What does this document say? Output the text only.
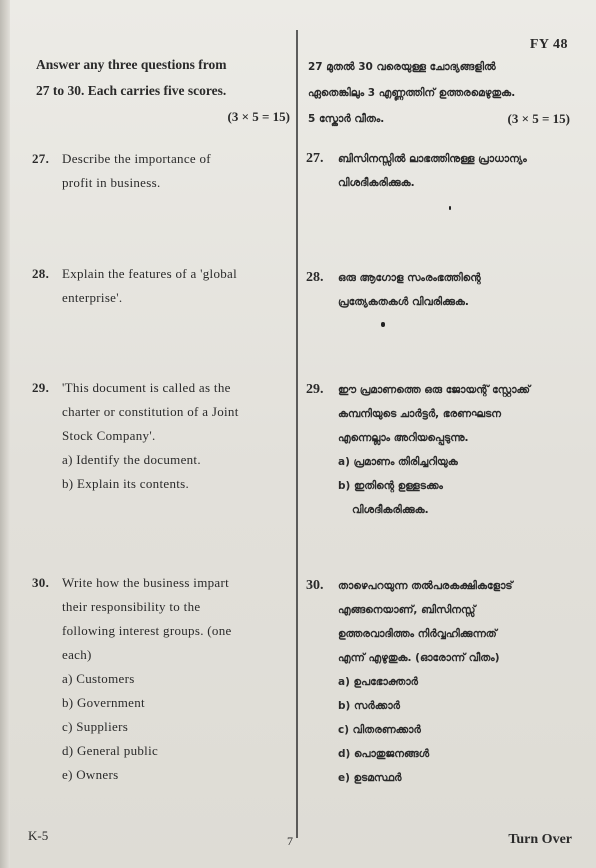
FY 48
Answer any three questions from
27 to 30. Each carries five scores.
(3 × 5 = 15)
27. Describe the importance of
profit in business.
28. Explain the features of a 'global
enterprise'.
29. 'This document is called as the
charter or constitution of a Joint
Stock Company'.
a) Identify the document.
b) Explain its contents.
30. Write how the business impart
their responsibility to the
following interest groups. (one
each)
a) Customers
b) Government
c) Suppliers
d) General public
e) Owners
27 മുതൽ 30 വരെയുള്ള ചോദ്യങ്ങളിൽ
ഏതെങ്കിലും 3 എണ്ണത്തിന് ഉത്തരമെഴുതുക.
5 സ്കോർ വീതം.	(3 × 5 = 15)
27. ബിസിനസ്സിൽ ലാഭത്തിനുള്ള പ്രാധാന്യം
വിശദീകരിക്കുക.
28. ഒരു ആഗോള സംരംഭത്തിന്റെ
പ്രത്യേകതകൾ വിവരിക്കുക.
29. ഈ പ്രമാണത്തെ ഒരു ജോയന്റ് സ്റ്റോക്ക്
കമ്പനിയുടെ ചാർട്ടർ, ഭരണഘടന
എന്നെല്ലാം അറിയപ്പെടുന്നു.
a) പ്രമാണം തിരിച്ചറിയുക
b) ഇതിന്റെ ഉള്ളടക്കം
വിശദീകരിക്കുക.
30. താഴെപറയുന്ന തൽപരകക്ഷികളോട്
എങ്ങനെയാണ്, ബിസിനസ്സ്
ഉത്തരവാദിത്തം നിർവ്വഹിക്കുന്നത്
എന്ന് എഴുതുക. (ഓരോന്ന് വീതം)
a) ഉപഭോക്താർ
b) സർക്കാർ
c) വിതരണക്കാർ
d) പൊതുജനങ്ങൾ
e) ഉടമസ്ഥർ
K-5	7	Turn Over
